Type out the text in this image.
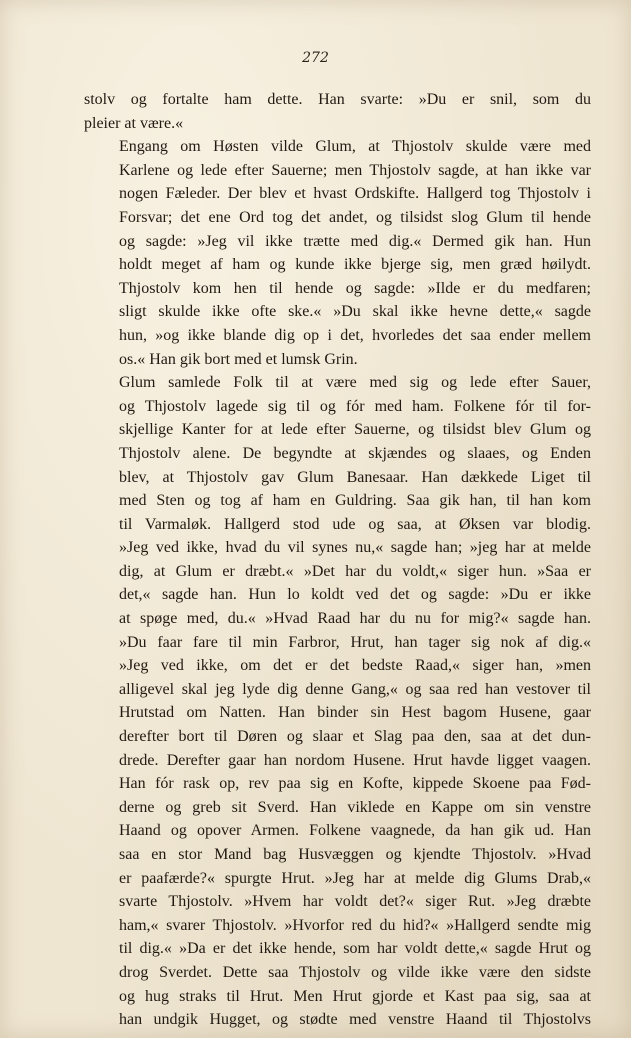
272

stolv og fortalte ham dette. Han svarte: »Du er snil, som du
pleier at være.«

Engang om Høsten vilde Glum, at Thjostolv skulde være med
Karlene og lede efter Sauerne; men Thjostolv sagde, at han ikke var
nogen Fæleder. Der blev et hvast Ordskifte. Hallgerd tog Thjostolv i
Forsvar; det ene Ord tog det andet, og tilsidst slog Glum til hende
og sagde: »Jeg vil ikke trætte med dig.« Dermed gik han. Hun
holdt meget af ham og kunde ikke bjerge sig, men græd høilydt.
Thjostolv kom hen til hende og sagde: »Ilde er du medfaren;
sligt skulde ikke ofte ske.« »Du skal ikke hevne dette,« sagde
hun, »og ikke blande dig op i det, hvorledes det saa ender mellem
os.« Han gik bort med et lumsk Grin.

Glum samlede Folk til at være med sig og lede efter Sauer,
og Thjostolv lagede sig til og fór med ham. Folkene fór til for-
skjellige Kanter for at lede efter Sauerne, og tilsidst blev Glum og
Thjostolv alene. De begyndte at skjændes og slaaes, og Enden
blev, at Thjostolv gav Glum Banesaar. Han dækkede Liget til
med Sten og tog af ham en Guldring. Saa gik han, til han kom
til Varmaløk. Hallgerd stod ude og saa, at Øksen var blodig.
»Jeg ved ikke, hvad du vil synes nu,« sagde han; »jeg har at melde
dig, at Glum er dræbt.« »Det har du voldt,« siger hun. »Saa er
det,« sagde han. Hun lo koldt ved det og sagde: »Du er ikke
at spøge med, du.« »Hvad Raad har du nu for mig?« sagde han.
»Du faar fare til min Farbror, Hrut, han tager sig nok af dig.«
»Jeg ved ikke, om det er det bedste Raad,« siger han, »men
alligevel skal jeg lyde dig denne Gang,« og saa red han vestover til
Hrutstad om Natten. Han binder sin Hest bagom Husene, gaar
derefter bort til Døren og slaar et Slag paa den, saa at det dun-
drede. Derefter gaar han nordom Husene. Hrut havde ligget vaagen.
Han fór rask op, rev paa sig en Kofte, kippede Skoene paa Fød-
derne og greb sit Sverd. Han viklede en Kappe om sin venstre
Haand og opover Armen. Folkene vaagnede, da han gik ud. Han
saa en stor Mand bag Husvæggen og kjendte Thjostolv. »Hvad
er paafærde?« spurgte Hrut. »Jeg har at melde dig Glums Drab,«
svarte Thjostolv. »Hvem har voldt det?« siger Rut. »Jeg dræbte
ham,« svarer Thjostolv. »Hvorfor red du hid?« »Hallgerd sendte mig
til dig.« »Da er det ikke hende, som har voldt dette,« sagde Hrut og
drog Sverdet. Dette saa Thjostolv og vilde ikke være den sidste
og hug straks til Hrut. Men Hrut gjorde et Kast paa sig, saa at
han undgik Hugget, og stødte med venstre Haand til Thjostolvs
